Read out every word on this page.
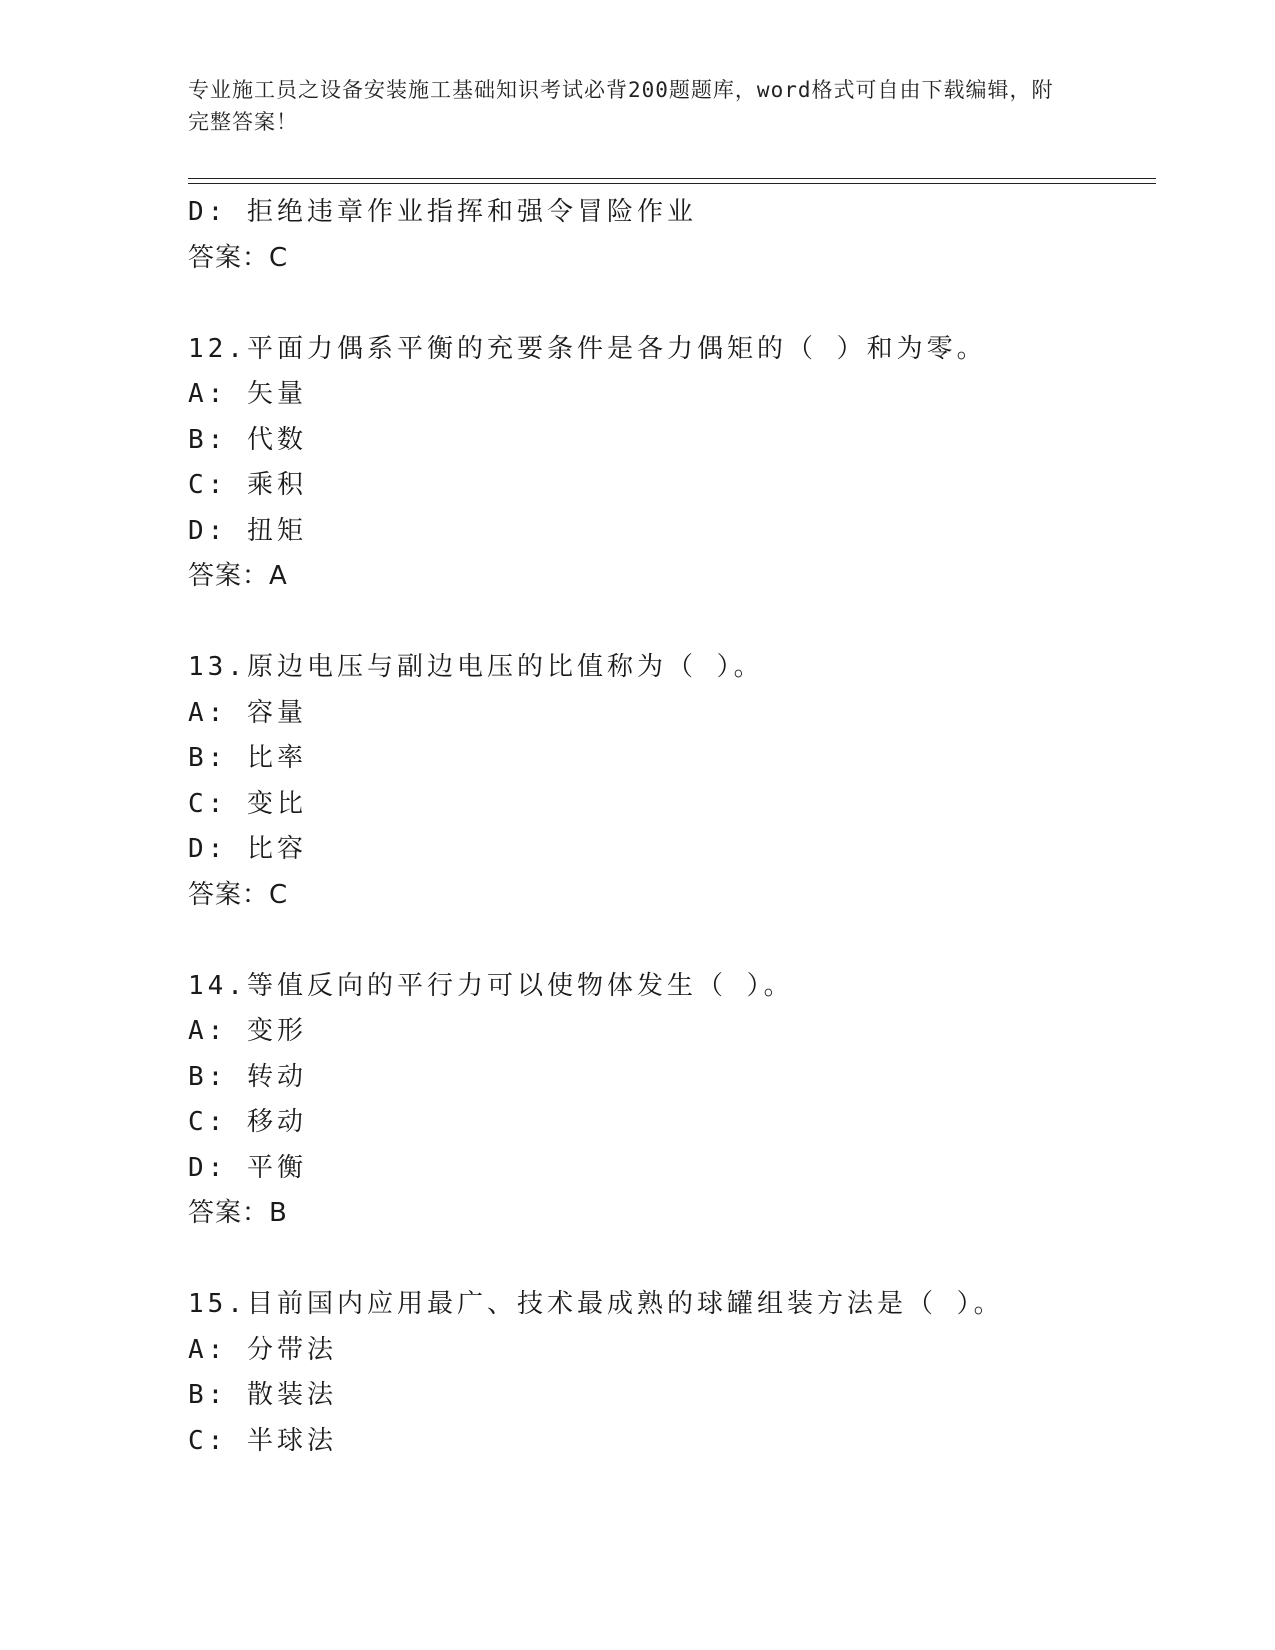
专业施工员之设备安装施工基础知识考试必背200题题库，word格式可自由下载编辑，附完整答案！
D: 拒绝违章作业指挥和强令冒险作业
答案：C
12.平面力偶系平衡的充要条件是各力偶矩的（ ）和为零。
A: 矢量
B: 代数
C: 乘积
D: 扭矩
答案：A
13.原边电压与副边电压的比值称为（ ）。
A: 容量
B: 比率
C: 变比
D: 比容
答案：C
14.等值反向的平行力可以使物体发生（ ）。
A: 变形
B: 转动
C: 移动
D: 平衡
答案：B
15.目前国内应用最广、技术最成熟的球罐组装方法是（ ）。
A: 分带法
B: 散装法
C: 半球法
